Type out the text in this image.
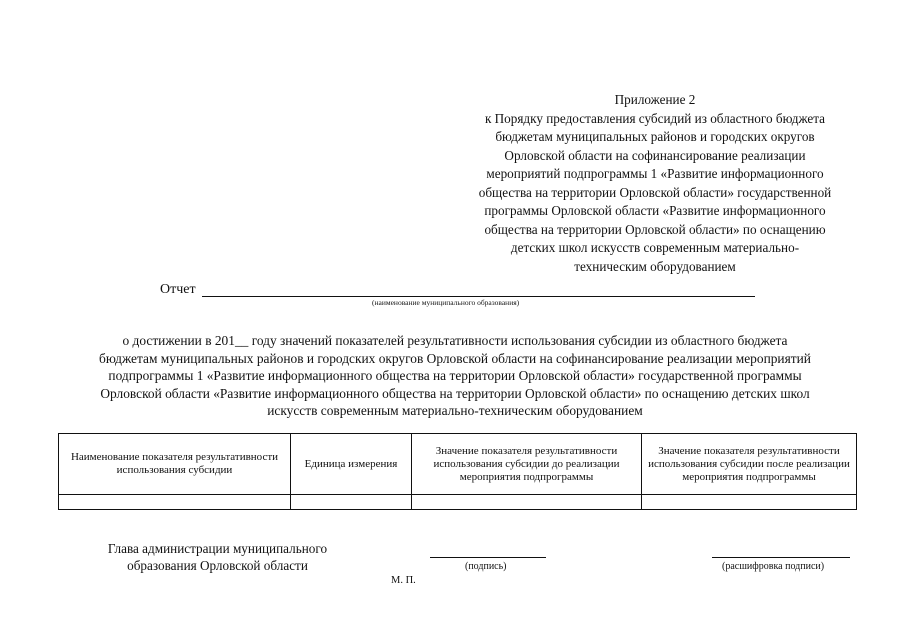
Приложение 2
к Порядку предоставления субсидий из областного бюджета
бюджетам муниципальных районов и городских округов
Орловской области на софинансирование реализации
мероприятий подпрограммы 1 «Развитие информационного
общества на территории Орловской области» государственной
программы Орловской области «Развитие информационного
общества на территории Орловской области» по оснащению
детских школ искусств современным материально-
техническим оборудованием
Отчет
(наименование муниципального образования)
о достижении в 201__ году значений показателей результативности использования субсидии из областного бюджета
бюджетам муниципальных районов и городских округов Орловской области на софинансирование реализации мероприятий
подпрограммы 1 «Развитие информационного общества на территории Орловской области» государственной программы
Орловской области «Развитие информационного общества на территории Орловской области» по оснащению детских школ
искусств современным материально-техническим оборудованием
Наименование показателя результативности использования субсидии	Единица измерения	Значение показателя результативности использования субсидии до реализации мероприятия подпрограммы	Значение показателя результативности использования субсидии после реализации мероприятия подпрограммы

Глава администрации муниципального
образования Орловской области	(подпись)	(расшифровка подписи)
М. П.
